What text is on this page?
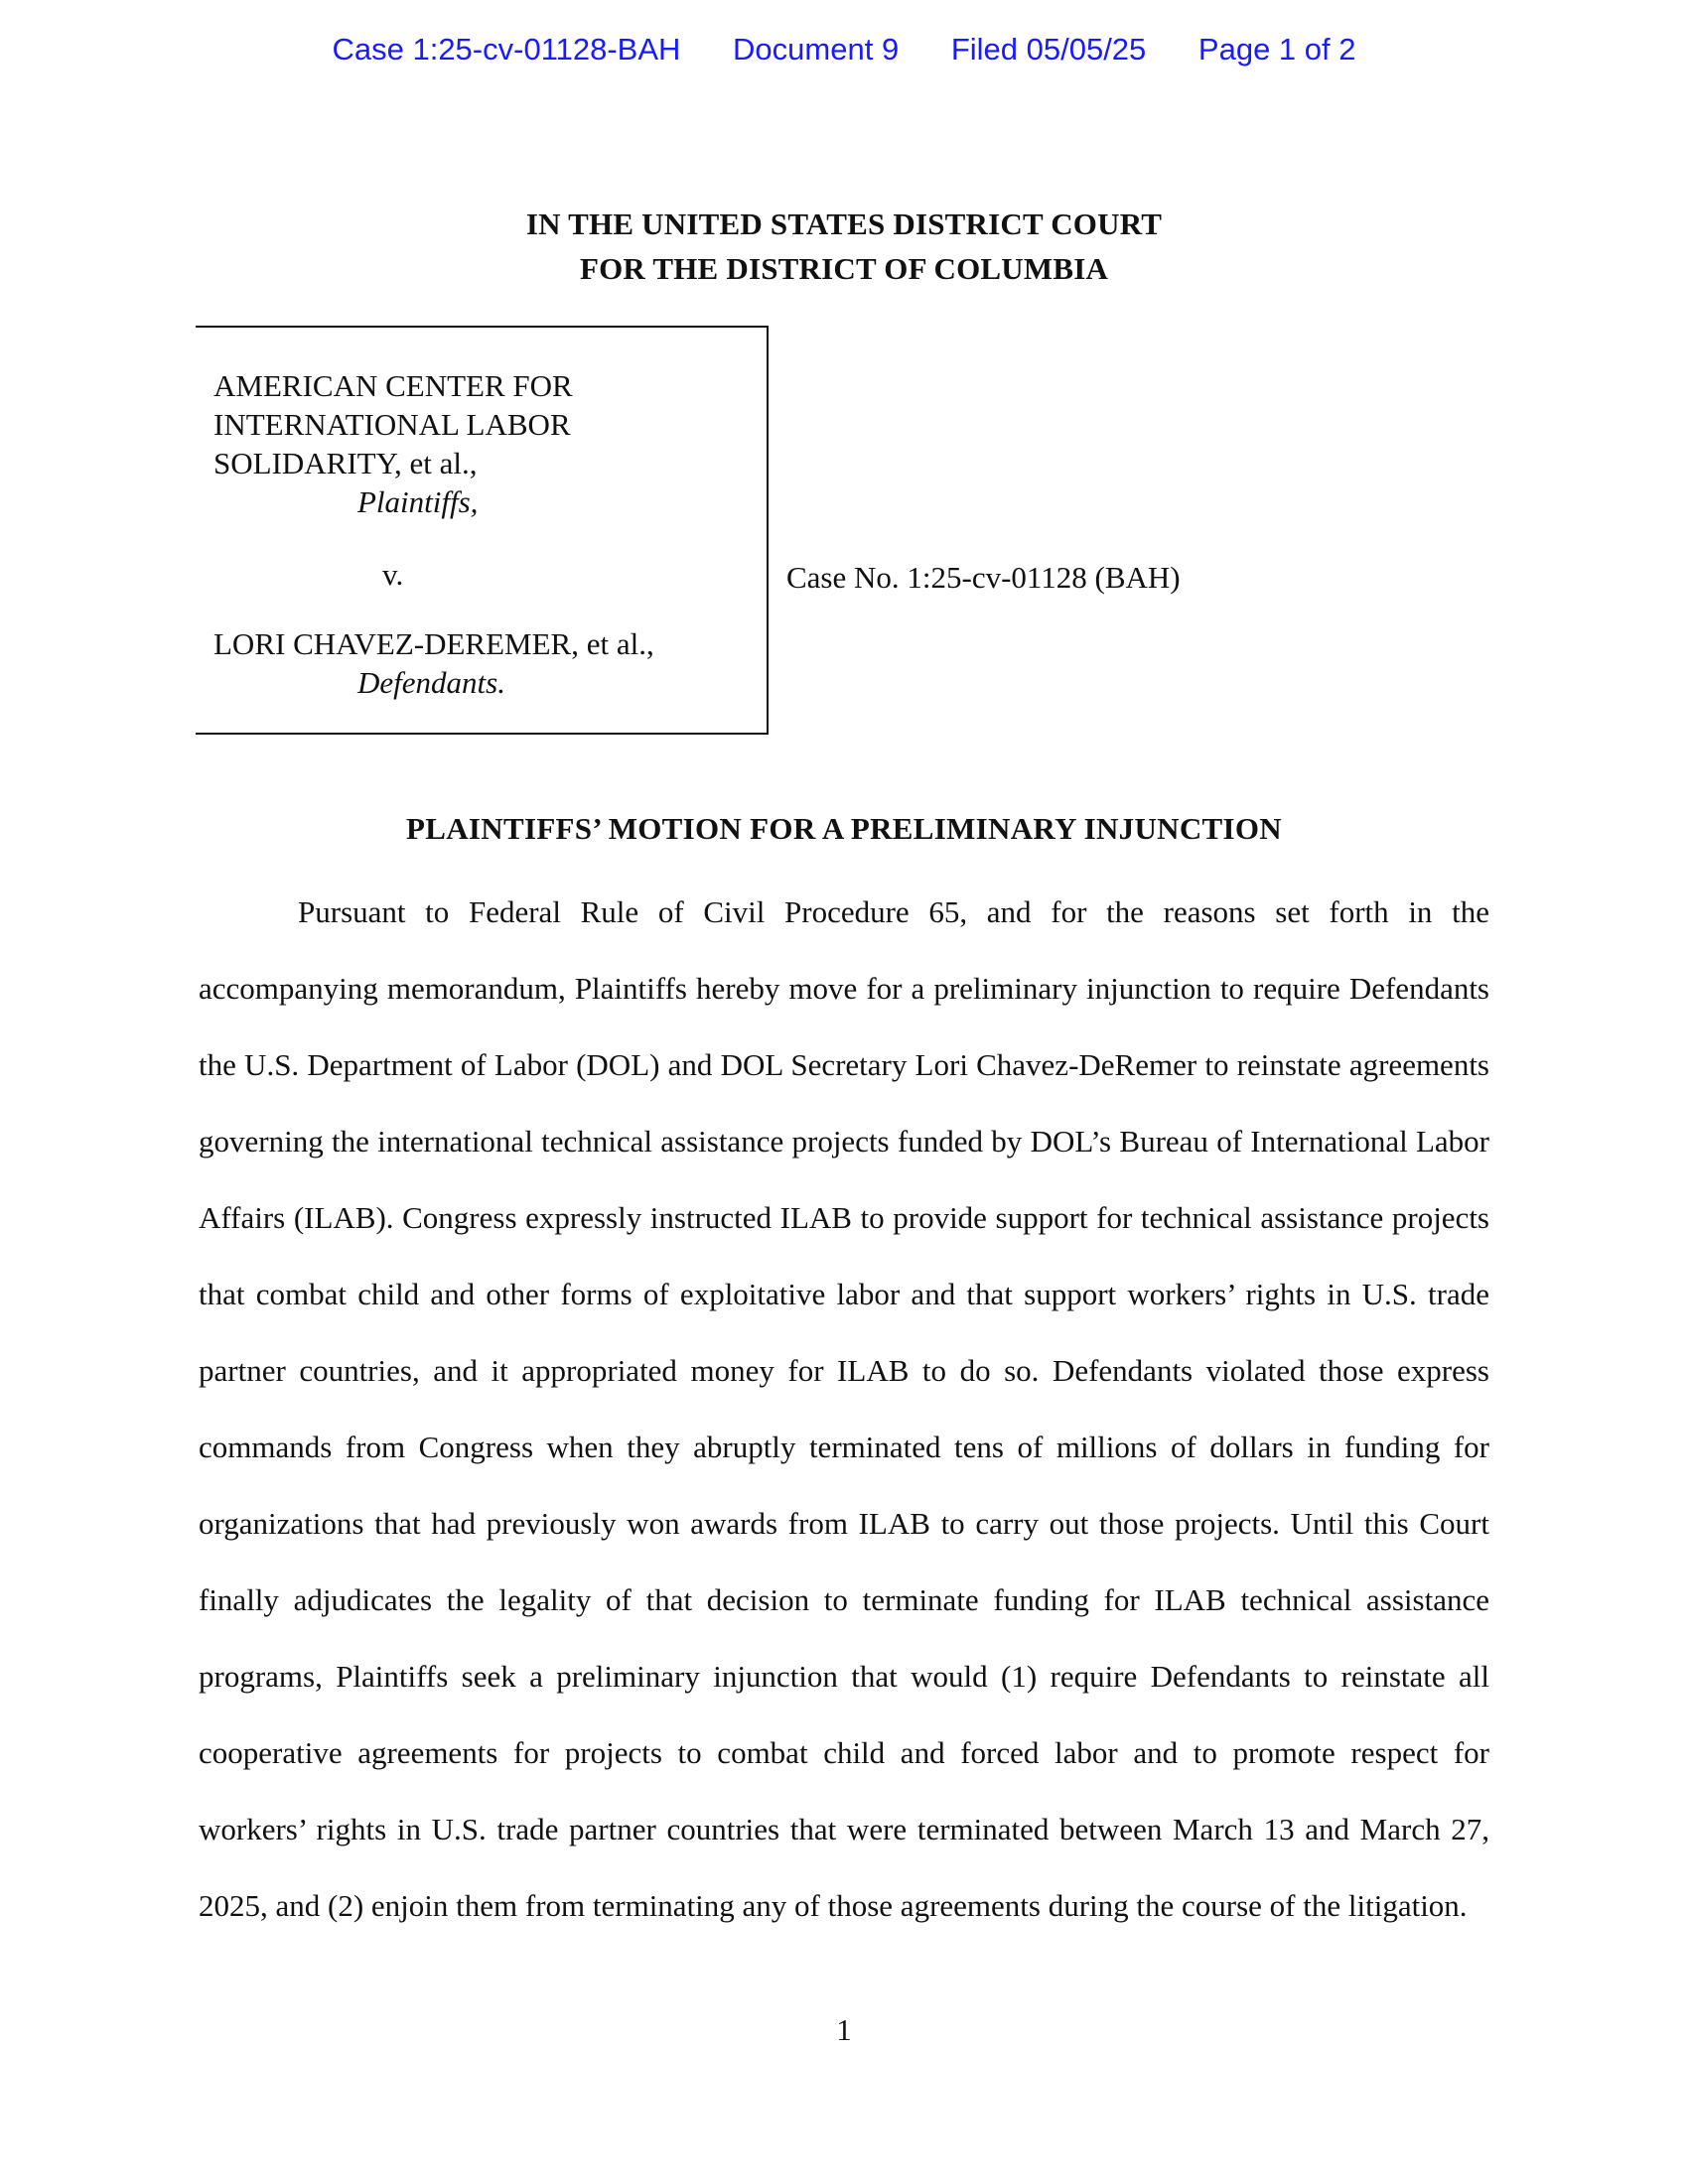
Case 1:25-cv-01128-BAH Document 9 Filed 05/05/25 Page 1 of 2
IN THE UNITED STATES DISTRICT COURT
FOR THE DISTRICT OF COLUMBIA
AMERICAN CENTER FOR
INTERNATIONAL LABOR
SOLIDARITY, et al.,
Plaintiffs,
v.
LORI CHAVEZ-DEREMER, et al.,
Defendants.
Case No. 1:25-cv-01128 (BAH)
PLAINTIFFS’ MOTION FOR A PRELIMINARY INJUNCTION

Pursuant to Federal Rule of Civil Procedure 65, and for the reasons set forth in the accompanying memorandum, Plaintiffs hereby move for a preliminary injunction to require Defendants the U.S. Department of Labor (DOL) and DOL Secretary Lori Chavez-DeRemer to reinstate agreements governing the international technical assistance projects funded by DOL’s Bureau of International Labor Affairs (ILAB). Congress expressly instructed ILAB to provide support for technical assistance projects that combat child and other forms of exploitative labor and that support workers’ rights in U.S. trade partner countries, and it appropriated money for ILAB to do so. Defendants violated those express commands from Congress when they abruptly terminated tens of millions of dollars in funding for organizations that had previously won awards from ILAB to carry out those projects. Until this Court finally adjudicates the legality of that decision to terminate funding for ILAB technical assistance programs, Plaintiffs seek a preliminary injunction that would (1) require Defendants to reinstate all cooperative agreements for projects to combat child and forced labor and to promote respect for workers’ rights in U.S. trade partner countries that were terminated between March 13 and March 27, 2025, and (2) enjoin them from terminating any of those agreements during the course of the litigation.

1
